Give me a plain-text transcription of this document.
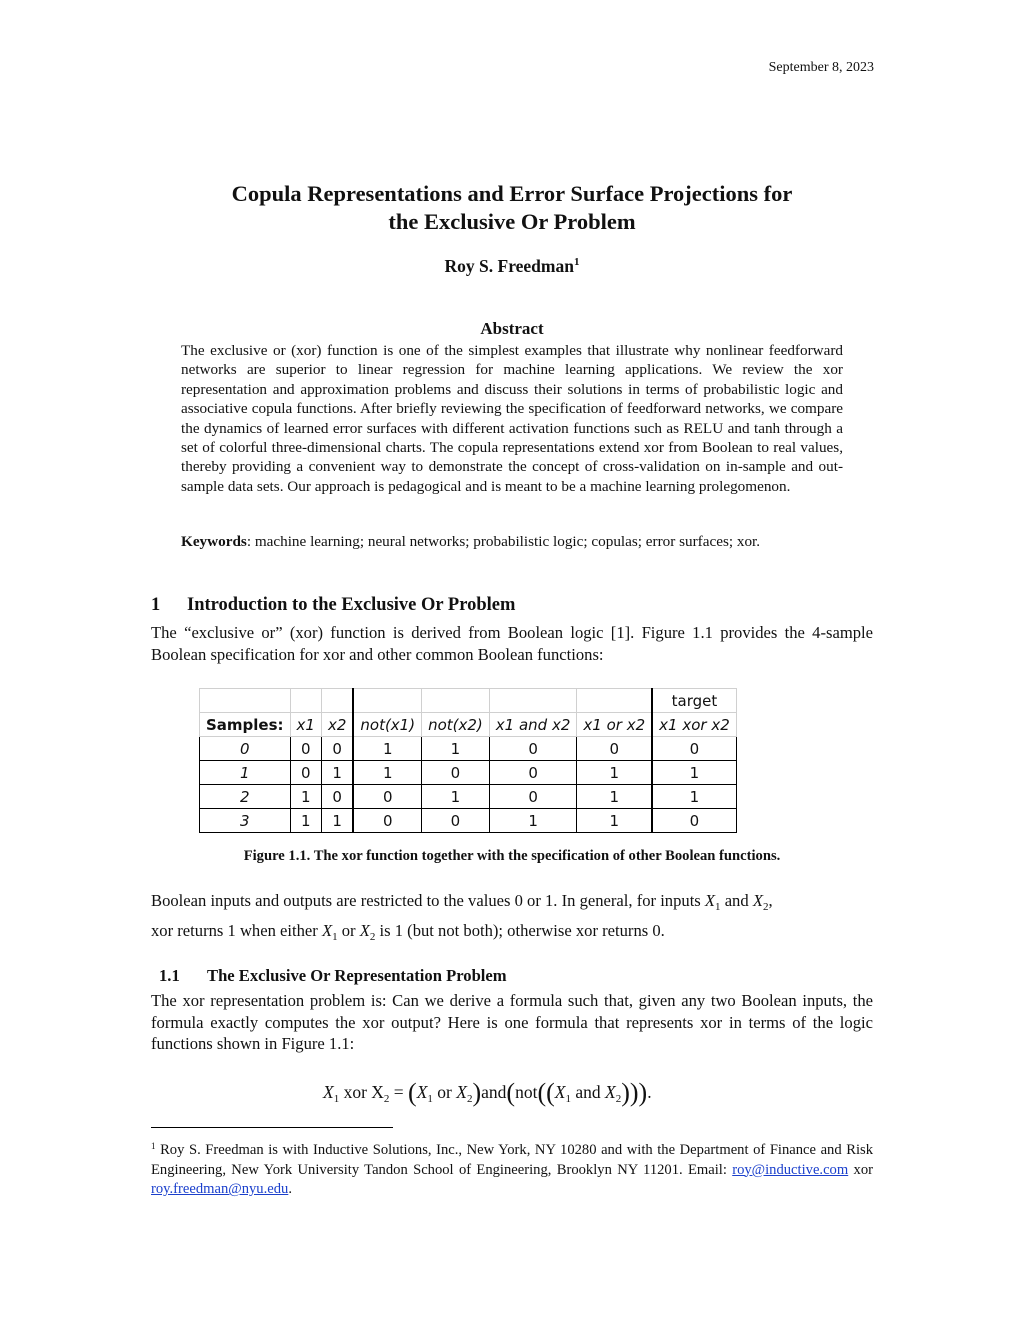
September 8, 2023
Copula Representations and Error Surface Projections for
the Exclusive Or Problem
Roy S. Freedman$^1$
Abstract
The exclusive or (xor) function is one of the simplest examples that illustrate why nonlinear feedforward networks are superior to linear regression for machine learning applications. We review the xor representation and approximation problems and discuss their solutions in terms of probabilistic logic and associative copula functions. After briefly reviewing the specification of feedforward networks, we compare the dynamics of learned error surfaces with different activation functions such as RELU and tanh through a set of colorful three-dimensional charts. The copula representations extend xor from Boolean to real values, thereby providing a convenient way to demonstrate the concept of cross-validation on in-sample and out-sample data sets. Our approach is pedagogical and is meant to be a machine learning prolegomenon.
Keywords: machine learning; neural networks; probabilistic logic; copulas; error surfaces; xor.
1 Introduction to the Exclusive Or Problem
The “exclusive or” (xor) function is derived from Boolean logic [1]. Figure 1.1 provides the 4-sample Boolean specification for xor and other common Boolean functions:
							target
Samples:	x1	x2	not(x1)	not(x2)	x1 and x2	x1 or x2	x1 xor x2
0	0	0	1	1	0	0	0
1	0	1	1	0	0	1	1
2	1	0	0	1	0	1	1
3	1	1	0	0	1	1	0
Figure 1.1. The xor function together with the specification of other Boolean functions.
Boolean inputs and outputs are restricted to the values 0 or 1. In general, for inputs $X_1$ and $X_2$,
xor returns 1 when either $X_1$ or $X_2$ is 1 (but not both); otherwise xor returns 0.
1.1 The Exclusive Or Representation Problem
The xor representation problem is: Can we derive a formula such that, given any two Boolean inputs, the formula exactly computes the xor output? Here is one formula that represents xor in terms of the logic functions shown in Figure 1.1:
$X_1$ xor $X_2 = (X_1$ or $X_2)and(not((X_1$ and $X_2$))).
$^1$ Roy S. Freedman is with Inductive Solutions, Inc., New York, NY 10280 and with the Department of Finance and Risk Engineering, New York University Tandon School of Engineering, Brooklyn NY 11201. Email: roy@inductive.com xor roy.freedman@nyu.edu.
